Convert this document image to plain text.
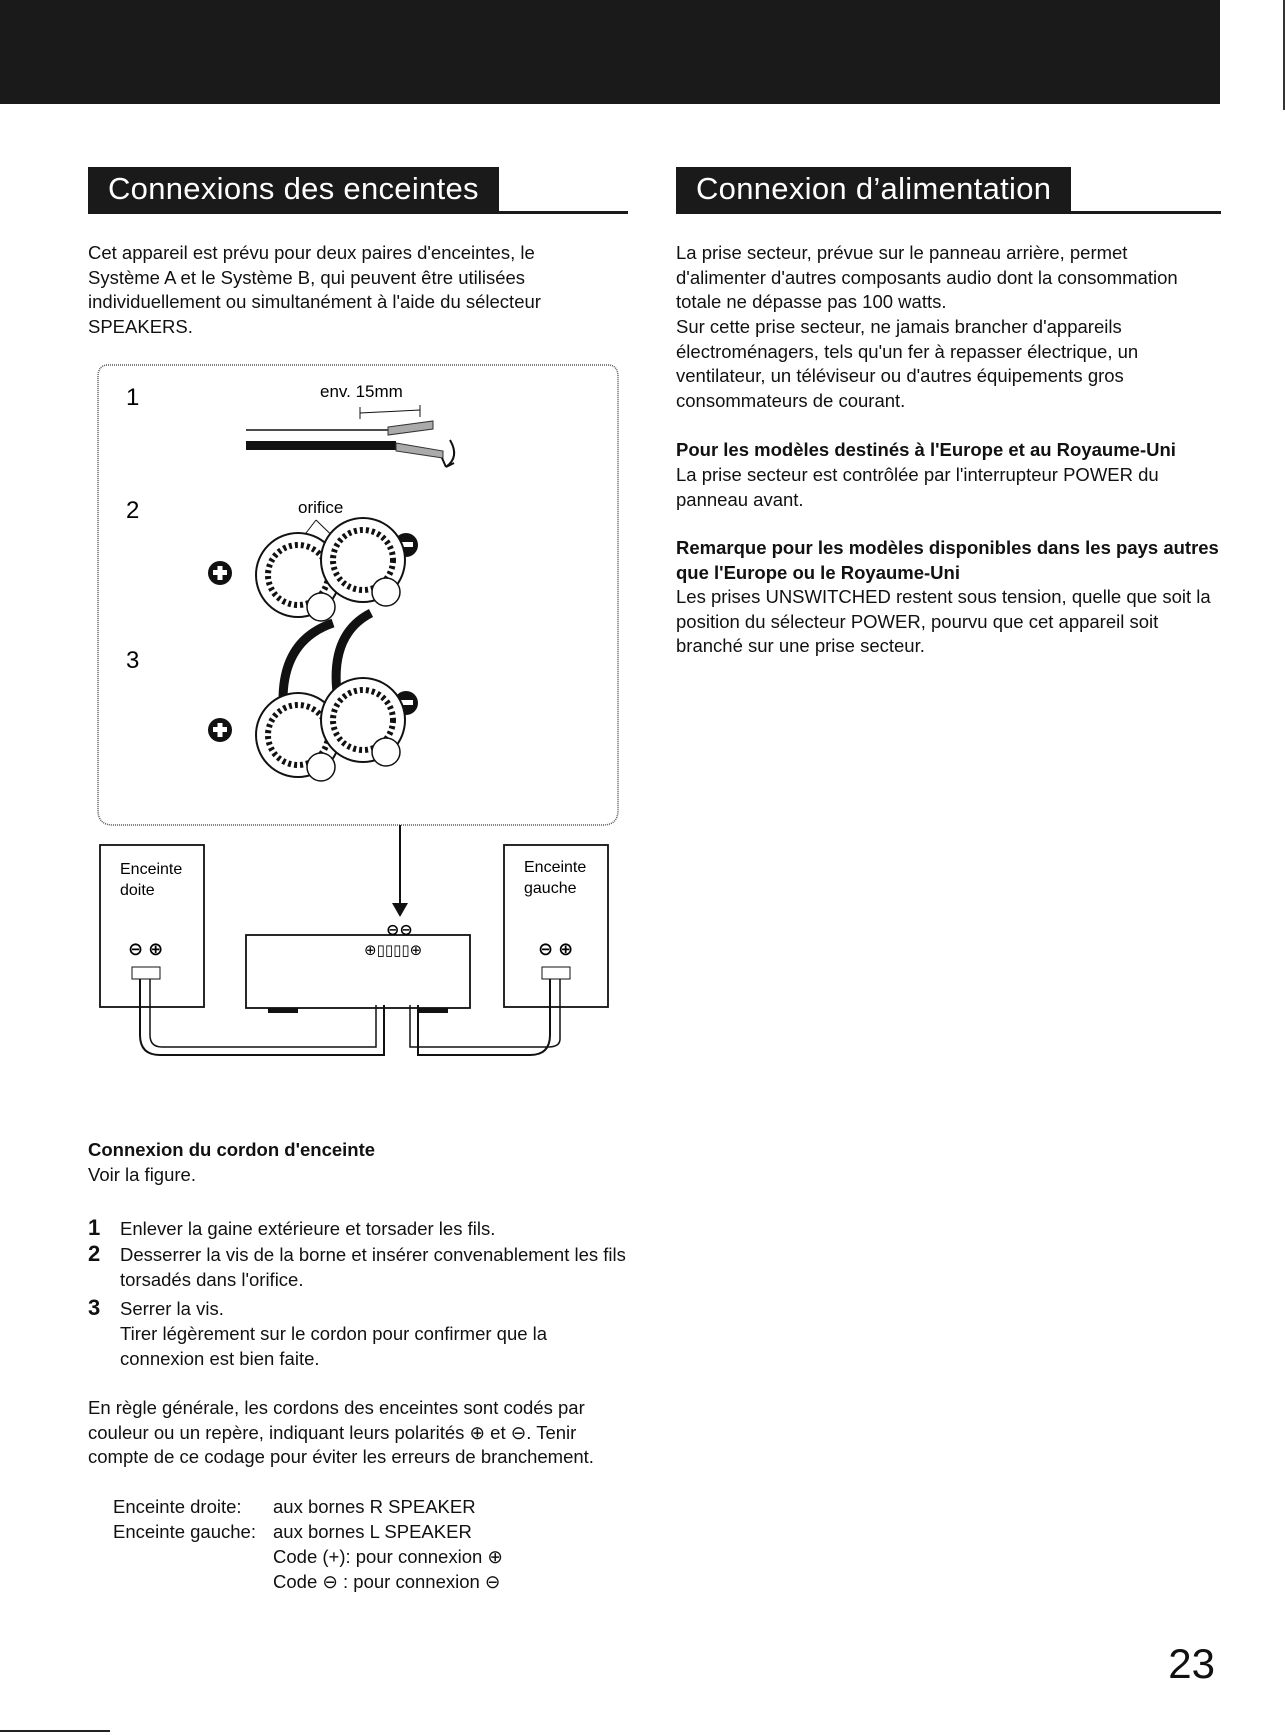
Connexions des enceintes

Cet appareil est prévu pour deux paires d'enceintes, le Système A et le Système B, qui peuvent être utilisées individuellement ou simultanément à l'aide du sélecteur SPEAKERS.

1
2
3
env. 15mm
orifice
Enceinte
doite
⊖ ⊕
Enceinte
gauche
⊖ ⊕
⊖⊖
⊕▯▯▯▯⊕

Connexion du cordon d'enceinte

Voir la figure.

1 Enlever la gaine extérieure et torsader les fils.
2 Desserrer la vis de la borne et insérer convenablement les fils torsadés dans l'orifice.
3 Serrer la vis.

Tirer légèrement sur le cordon pour confirmer que la connexion est bien faite.

En règle générale, les cordons des enceintes sont codés par couleur ou un repère, indiquant leurs polarités ⊕ et ⊖. Tenir compte de ce codage pour éviter les erreurs de branchement.

Enceinte droite: aux bornes R SPEAKER
Enceinte gauche: aux bornes L SPEAKER
Code (+): pour connexion ⊕
Code ⊖ : pour connexion ⊖
Connexion d’alimentation

La prise secteur, prévue sur le panneau arrière, permet d'alimenter d'autres composants audio dont la consommation totale ne dépasse pas 100 watts.

Sur cette prise secteur, ne jamais brancher d'appareils électroménagers, tels qu'un fer à repasser électrique, un ventilateur, un téléviseur ou d'autres équipements gros consommateurs de courant.

Pour les modèles destinés à l'Europe et au Royaume-Uni

La prise secteur est contrôlée par l'interrupteur POWER du panneau avant.

Remarque pour les modèles disponibles dans les pays autres que l'Europe ou le Royaume-Uni

Les prises UNSWITCHED restent sous tension, quelle que soit la position du sélecteur POWER, pourvu que cet appareil soit branché sur une prise secteur.

23
